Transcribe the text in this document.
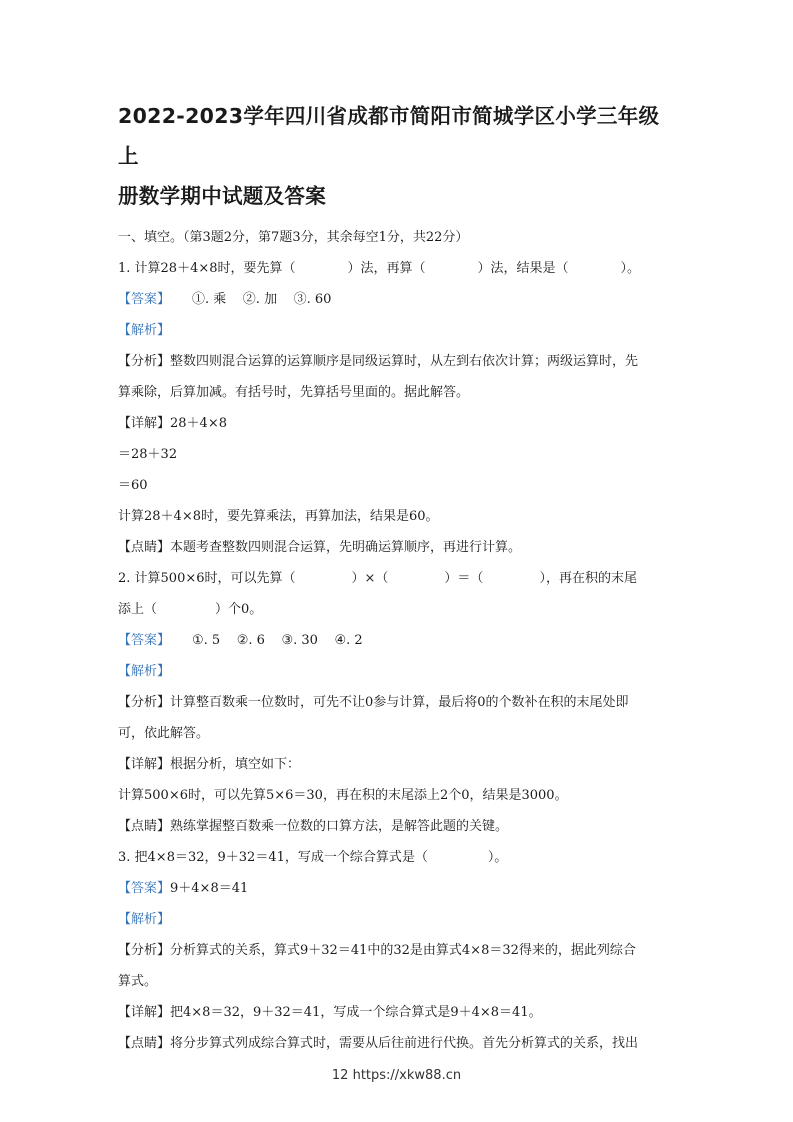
2022-2023学年四川省成都市简阳市简城学区小学三年级上
册数学期中试题及答案
一、填空。（第3题2分，第7题3分，其余每空1分，共22分）
1. 计算28＋4×8时，要先算（	）法，再算（	）法，结果是（	）。
【答案】 ①. 乘    ②. 加    ③. 60
【解析】
【分析】整数四则混合运算的运算顺序是同级运算时，从左到右依次计算；两级运算时，先
算乘除，后算加减。有括号时，先算括号里面的。据此解答。
【详解】28＋4×8
＝28＋32
＝60
计算28＋4×8时，要先算乘法，再算加法，结果是60。
【点睛】本题考查整数四则混合运算，先明确运算顺序，再进行计算。
2. 计算500×6时，可以先算（	）×（	）＝（	），再在积的末尾
添上（	）个0。
【答案】 ①. 5    ②. 6    ③. 30    ④. 2
【解析】
【分析】计算整百数乘一位数时，可先不让0参与计算，最后将0的个数补在积的末尾处即
可，依此解答。
【详解】根据分析，填空如下：
计算500×6时，可以先算5×6＝30，再在积的末尾添上2个0，结果是3000。
【点睛】熟练掌握整百数乘一位数的口算方法，是解答此题的关键。
3. 把4×8＝32，9＋32＝41，写成一个综合算式是（	）。
【答案】9＋4×8＝41
【解析】
【分析】分析算式的关系，算式9＋32＝41中的32是由算式4×8＝32得来的，据此列综合
算式。
【详解】把4×8＝32，9＋32＝41，写成一个综合算式是9＋4×8＝41。
【点睛】将分步算式列成综合算式时，需要从后往前进行代换。首先分析算式的关系，找出
12 https://xkw88.cn
